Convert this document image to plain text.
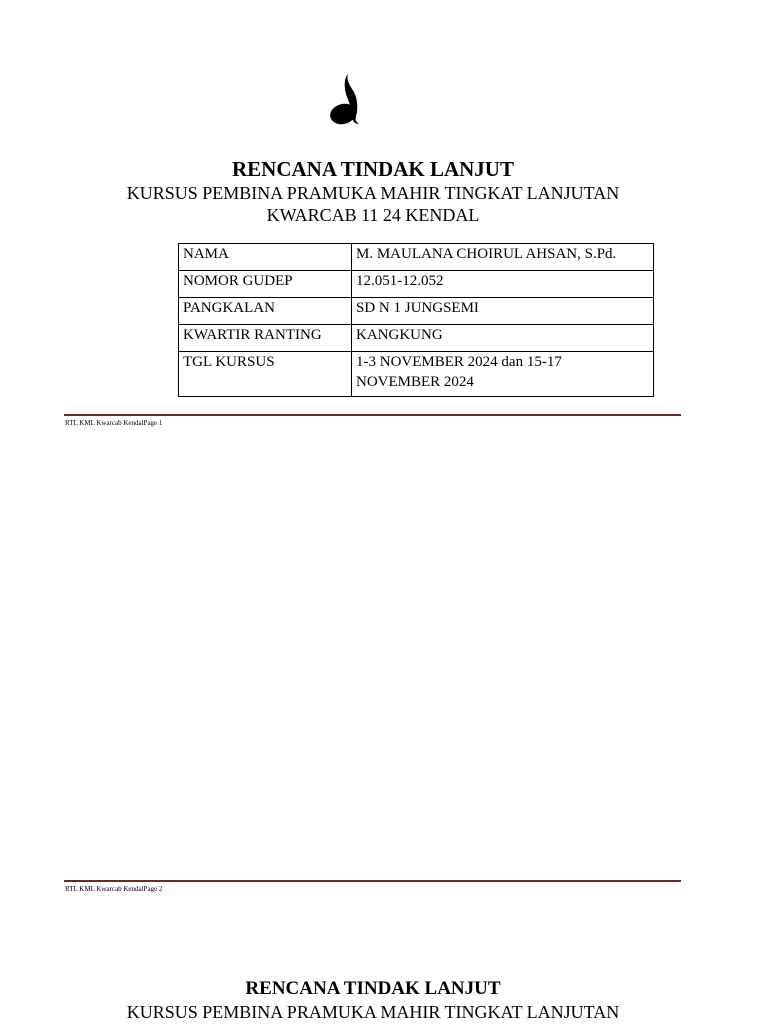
RENCANA TINDAK LANJUT

KURSUS PEMBINA PRAMUKA MAHIR TINGKAT LANJUTAN

KWARCAB 11 24 KENDAL

NAMA	M. MAULANA CHOIRUL AHSAN, S.Pd.
NOMOR GUDEP	12.051-12.052
PANGKALAN	SD N 1 JUNGSEMI
KWARTIR RANTING	KANGKUNG
TGL KURSUS	1-3 NOVEMBER 2024 dan 15-17 NOVEMBER 2024
RTL KML Kwarcab KendalPage 1
RTL KML Kwarcab KendalPage 2

RENCANA TINDAK LANJUT

KURSUS PEMBINA PRAMUKA MAHIR TINGKAT LANJUTAN
